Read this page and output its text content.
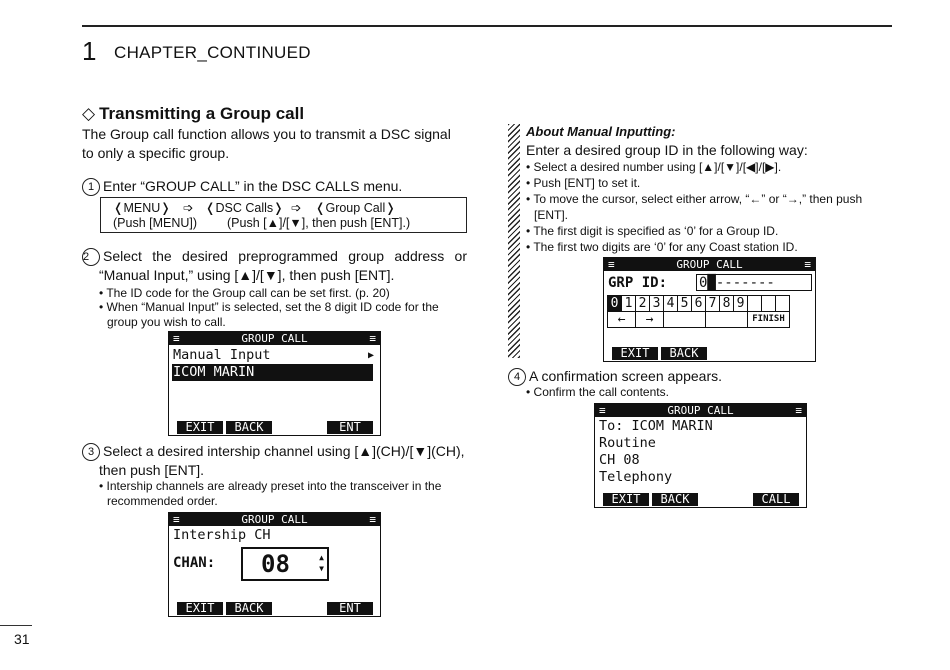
1 CHAPTER_CONTINUED
◇ Transmitting a Group call
The Group call function allows you to transmit a DSC signal
to only a specific group.
1 Enter “GROUP CALL” in the DSC CALLS menu.
❬MENU❭ ➩ ❬DSC Calls❭ ➩ ❬Group Call❭
(Push [MENU]) (Push [▲]/[▼], then push [ENT].)
2 Select the desired preprogrammed group address or
“Manual Input,” using [▲]/[▼], then push [ENT].
• The ID code for the Group call can be set first. (p. 20)
• When “Manual Input” is selected, set the 8 digit ID code for the
group you wish to call.
≡	GROUP CALL	≡
Manual Input	▶
ICOM MARIN
EXIT	BACK	ENT
3 Select a desired intership channel using [▲](CH)/[▼](CH),
then push [ENT].
• Intership channels are already preset into the transceiver in the
recommended order.
≡	GROUP CALL	≡
Intership CH
CHAN: 08	▲
▼
EXIT	BACK	ENT
About Manual Inputting:
Enter a desired group ID in the following way:
• Select a desired number using [▲]/[▼]/[◀]/[▶].
• Push [ENT] to set it.
• To move the cursor, select either arrow, “←” or “→,” then push
[ENT].
• The first digit is specified as ‘0’ for a Group ID.
• The first two digits are ‘0’ for any Coast station ID.
≡	GROUP CALL	≡
GRP ID: 0█-------
0	1	2	3	4	5	6	7	8	9			
←		→								FINISH		
EXIT	BACK
4 A confirmation screen appears.
• Confirm the call contents.
≡	GROUP CALL	≡
To: ICOM MARIN
Routine
CH 08
Telephony
EXIT	BACK	CALL
31
